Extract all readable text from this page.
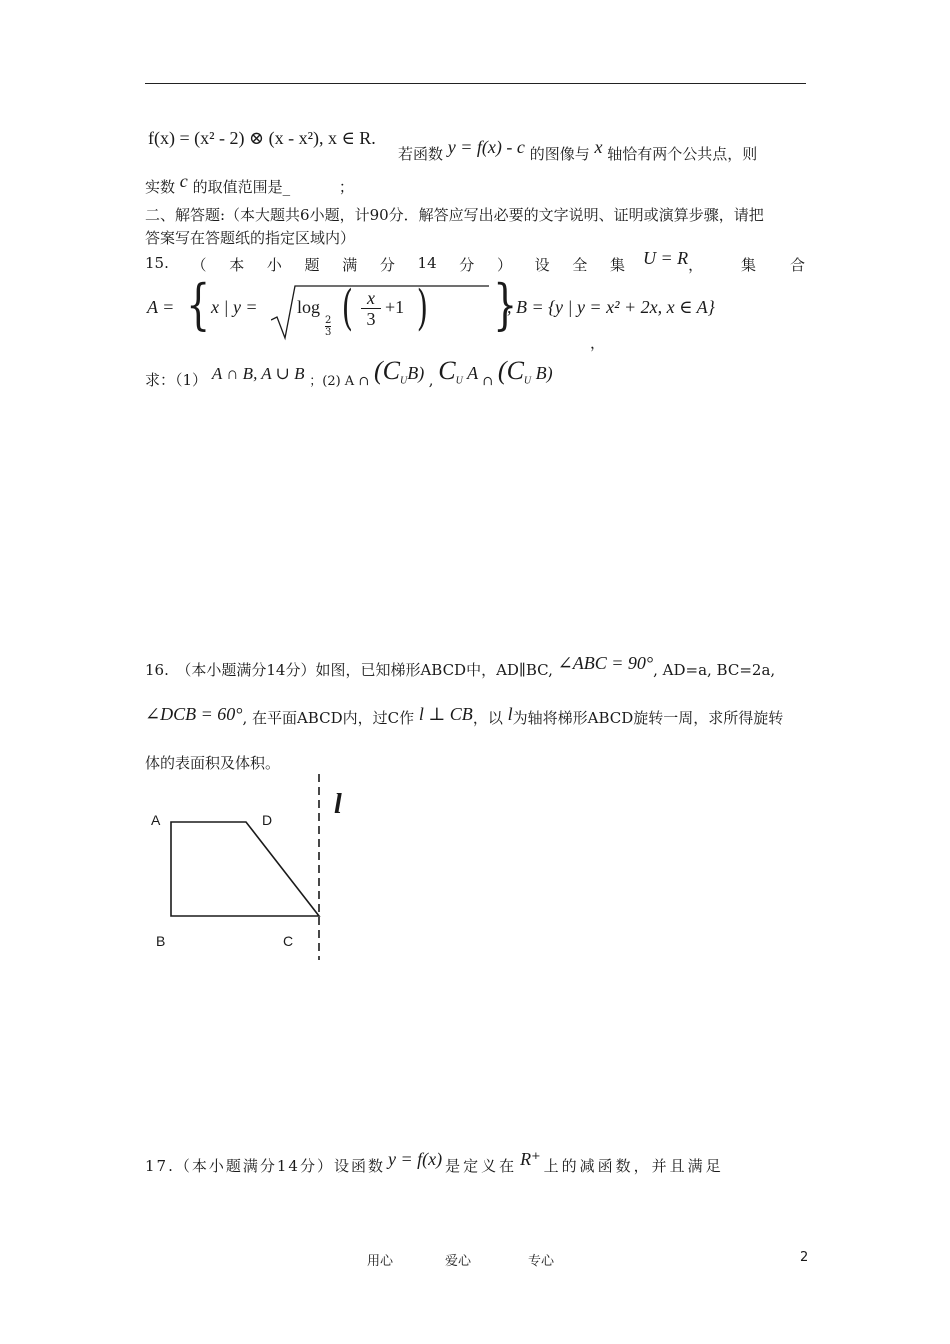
f(x) = (x² - 2) ⊗ (x - x²), x ∈ R.
若函数 y = f(x) - c 的图像与 x 轴恰有两个公共点，则
实数 c 的取值范围是_	；
二、解答题:（本大题共6小题，计90分．解答应写出必要的文字说明、证明或演算步骤，请把
答案写在答题纸的指定区域内）
15. （ 本 小 题 满 分 14 分 ） 设 全 集 U = R，	集 合
A = { x | y = log
$\frac{2}{3}$ ( $\frac{x}{3} +1$ ) }
, B = { y | y = x² + 2x, x ∈ A}
，
求：（1） A ∩ B, A ∪ B ；(2) A ∩ $(C_UB)$ , $C_U$ A ∩ ($C_U$ B)
16.　（本小题满分14分）如图，已知梯形ABCD中，AD∥BC, ∠ABC = 90°, AD=a, BC=2a,
∠DCB = 60°, 在平面ABCD内，过C作 l ⊥ CB，以 l为轴将梯形ABCD旋转一周，求所得旋转
体的表面积及体积。
A	D
B	C
l
17.（本小题满分14分）设函数 y = f(x) 是定义在 R⁺ 上的减函数，并且满足
用心	爱心	专心	2
